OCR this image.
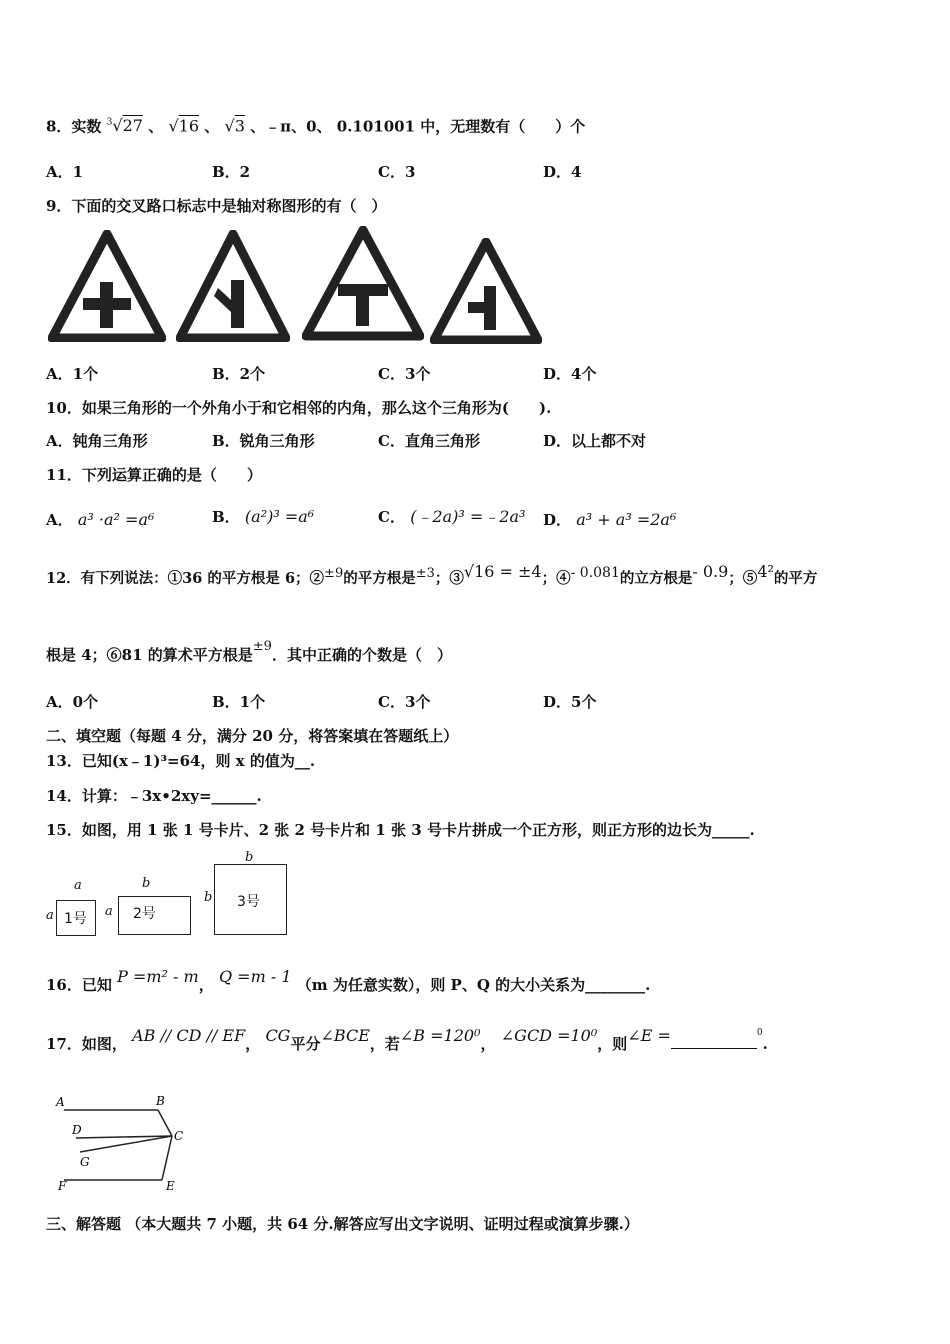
8．实数 $^3$√27 、 √16 、 √3 、﹣π、0、 0.101001 中，无理数有（　　）个
A．1	B．2	C．3	D．4
9．下面的交叉路口标志中是轴对称图形的有（　）
A．1个	B．2个	C．3个	D．4个
10．如果三角形的一个外角小于和它相邻的内角，那么这个三角形为(　　).
A．钝角三角形	B．锐角三角形	C．直角三角形	D．以上都不对
11．下列运算正确的是（　　）
A． a³ ·a² =a⁶	B． (a²)³ =a⁶	C． (﹣2a)³ =﹣2a³ D． a³ + a³ =2a⁶
12．有下列说法：①36 的平方根是 6；②±9的平方根是±3；③√16 = ±4；④- 0.081的立方根是- 0.9；⑤4²的平方
根是 4；⑥81 的算术平方根是±9．其中正确的个数是（　）
A．0个	B．1个	C．3个	D．5个
二、填空题（每题 4 分，满分 20 分，将答案填在答题纸上）
13．已知(x﹣1)³=64，则 x 的值为__.
14．计算：﹣3x•2xy=______.
15．如图，用 1 张 1 号卡片、2 张 2 号卡片和 1 张 3 号卡片拼成一个正方形，则正方形的边长为_____.
a
a 1号
b
a 2号
b
b 3号
16．已知 P =m² - m， Q =m - 1 （m 为任意实数），则 P、Q 的大小关系为________.
17．如图， AB // CD // EF， CG平分∠BCE，若∠B =120⁰， ∠GCD =10⁰，则∠E =	$^0$.
A	B
D	C
G
F	E
三、解答题 （本大题共 7 小题，共 64 分.解答应写出文字说明、证明过程或演算步骤.）
